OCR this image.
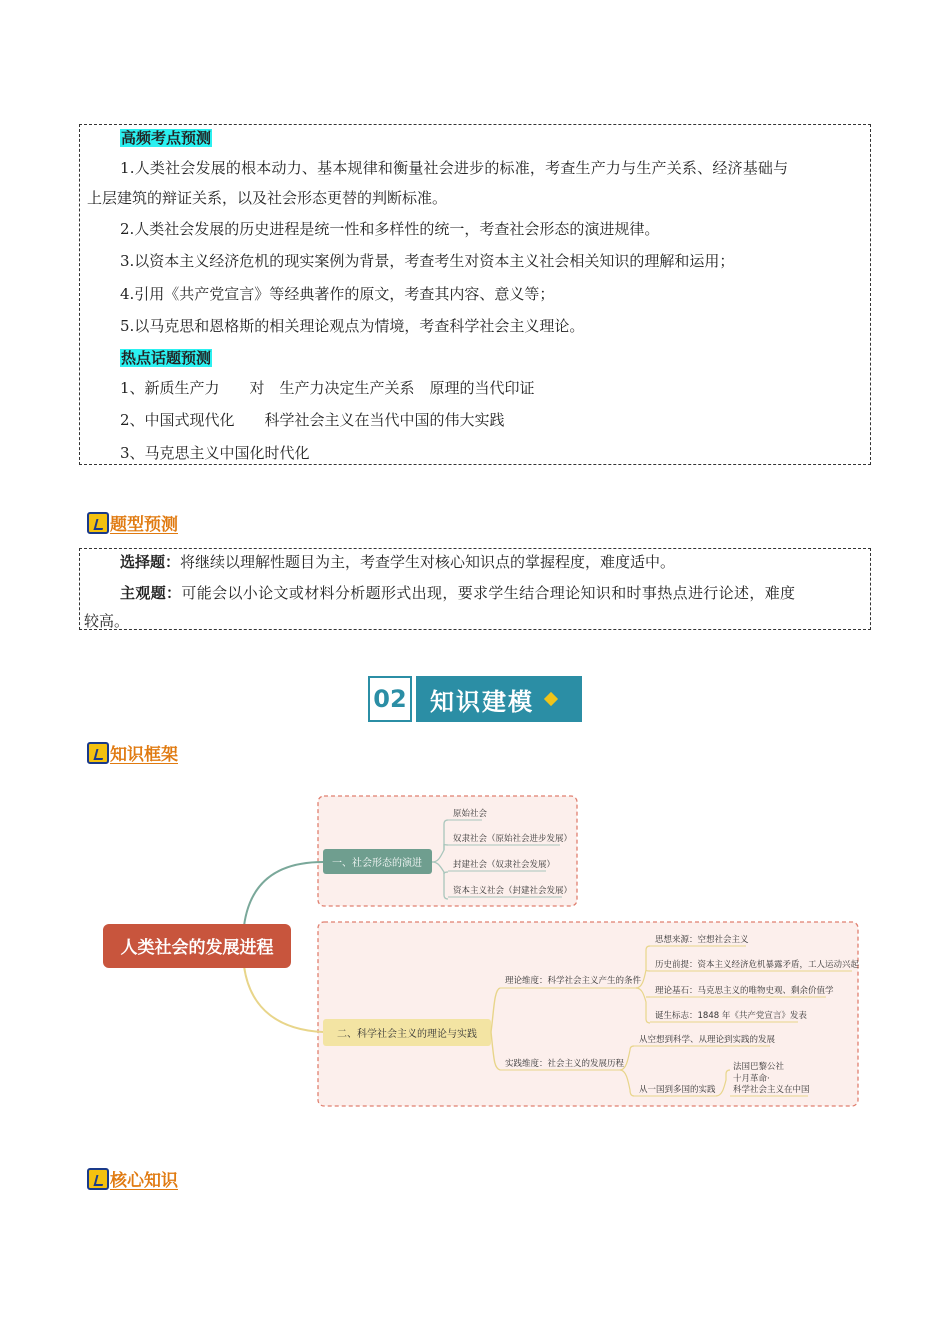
高频考点预测
1.人类社会发展的根本动力、基本规律和衡量社会进步的标准，考查生产力与生产关系、经济基础与
上层建筑的辩证关系，以及社会形态更替的判断标准。
2.人类社会发展的历史进程是统一性和多样性的统一，考查社会形态的演进规律。
3.以资本主义经济危机的现实案例为背景，考查考生对资本主义社会相关知识的理解和运用；
4.引用《共产党宣言》等经典著作的原文，考查其内容、意义等；
5.以马克思和恩格斯的相关理论观点为情境，考查科学社会主义理论。
热点话题预测
1、新质生产力　　对　生产力决定生产关系　原理的当代印证
2、中国式现代化　　科学社会主义在当代中国的伟大实践
3、马克思主义中国化时代化
题型预测
选择题：将继续以理解性题目为主，考查学生对核心知识点的掌握程度，难度适中。
主观题：可能会以小论文或材料分析题形式出现，要求学生结合理论知识和时事热点进行论述，难度
较高。
02 知识建模
知识框架
人类社会的发展进程
一、社会形态的演进
原始社会
奴隶社会（原始社会进步发展）
封建社会（奴隶社会发展）
资本主义社会（封建社会发展）
二、科学社会主义的理论与实践
理论维度：科学社会主义产生的条件
实践维度：社会主义的发展历程
思想来源：空想社会主义
历史前提：资本主义经济危机暴露矛盾，工人运动兴起
理论基石：马克思主义的唯物史观、剩余价值学
诞生标志：1848 年《共产党宣言》发表
从空想到科学、从理论到实践的发展
从一国到多国的实践
法国巴黎公社
十月革命·
科学社会主义在中国
核心知识
